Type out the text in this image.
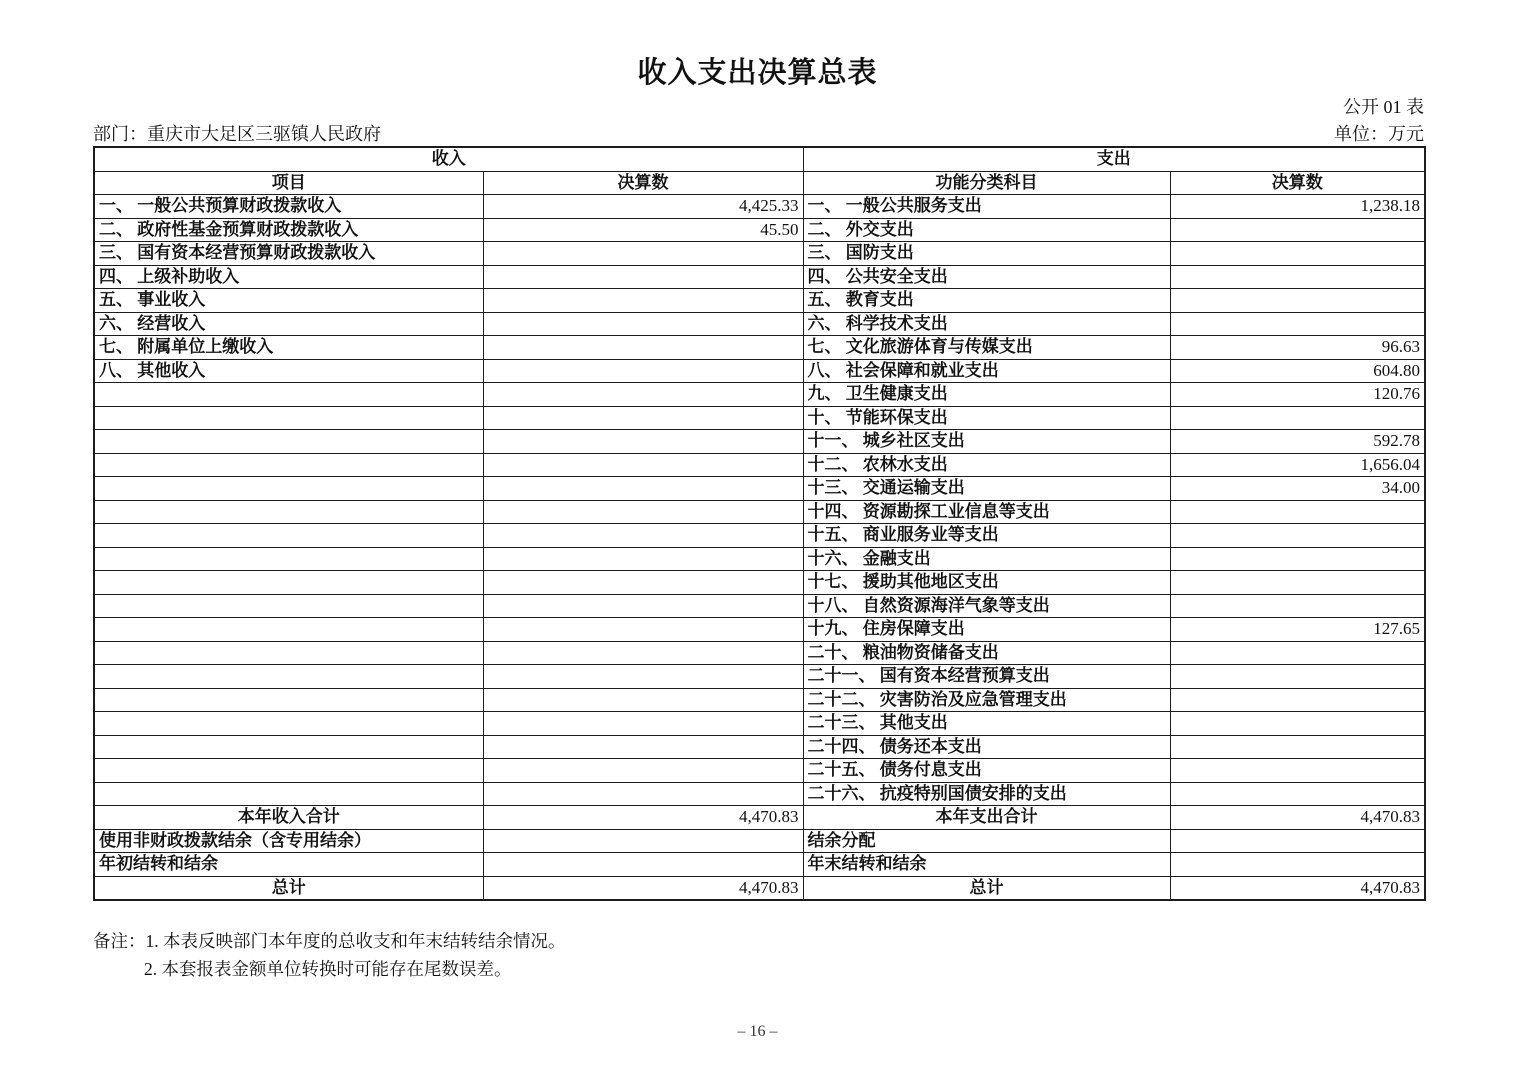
收入支出决算总表
公开 01 表
部门：重庆市大足区三驱镇人民政府	单位：万元
收入		支出	
项目	决算数	功能分类科目	决算数
一、 一般公共预算财政拨款收入	4,425.33	一、 一般公共服务支出	1,238.18
二、 政府性基金预算财政拨款收入	45.50	二、 外交支出	
三、 国有资本经营预算财政拨款收入		三、 国防支出	
四、 上级补助收入		四、 公共安全支出	
五、 事业收入		五、 教育支出	
六、 经营收入		六、 科学技术支出	
七、 附属单位上缴收入		七、 文化旅游体育与传媒支出	96.63
八、 其他收入		八、 社会保障和就业支出	604.80
		九、 卫生健康支出	120.76
		十、 节能环保支出	
		十一、 城乡社区支出	592.78
		十二、 农林水支出	1,656.04
		十三、 交通运输支出	34.00
		十四、 资源勘探工业信息等支出	
		十五、 商业服务业等支出	
		十六、 金融支出	
		十七、 援助其他地区支出	
		十八、 自然资源海洋气象等支出	
		十九、 住房保障支出	127.65
		二十、 粮油物资储备支出	
		二十一、 国有资本经营预算支出	
		二十二、 灾害防治及应急管理支出	
		二十三、 其他支出	
		二十四、 债务还本支出	
		二十五、 债务付息支出	
		二十六、 抗疫特别国债安排的支出	
本年收入合计	4,470.83	本年支出合计	4,470.83
使用非财政拨款结余（含专用结余）		结余分配	
年初结转和结余		年末结转和结余	
总计	4,470.83	总计	4,470.83
备注：1. 本表反映部门本年度的总收支和年末结转结余情况。
2. 本套报表金额单位转换时可能存在尾数误差。
– 16 –
